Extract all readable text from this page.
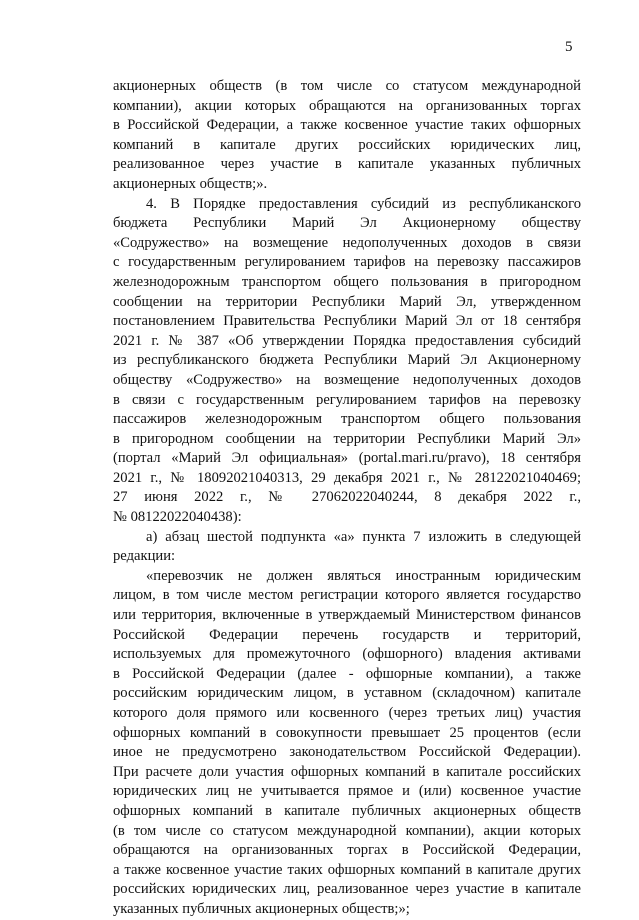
5

акционерных обществ (в том числе со статусом международной

компании), акции которых обращаются на организованных торгах

в Российской Федерации, а также косвенное участие таких офшорных

компаний в капитале других российских юридических лиц,

реализованное через участие в капитале указанных публичных

акционерных обществ;».

4. В Порядке предоставления субсидий из республиканского

бюджета Республики Марий Эл Акционерному обществу

«Содружество» на возмещение недополученных доходов в связи

с государственным регулированием тарифов на перевозку пассажиров

железнодорожным транспортом общего пользования в пригородном

сообщении на территории Республики Марий Эл, утвержденном

постановлением Правительства Республики Марий Эл от 18 сентября

2021 г. № 387 «Об утверждении Порядка предоставления субсидий

из республиканского бюджета Республики Марий Эл Акционерному

обществу «Содружество» на возмещение недополученных доходов

в связи с государственным регулированием тарифов на перевозку

пассажиров железнодорожным транспортом общего пользования

в пригородном сообщении на территории Республики Марий Эл»

(портал «Марий Эл официальная» (portal.mari.ru/pravo), 18 сентября

2021 г., № 18092021040313, 29 декабря 2021 г., № 28122021040469;

27 июня 2022 г., № 27062022040244, 8 декабря 2022 г.,

№ 08122022040438):

а) абзац шестой подпункта «а» пункта 7 изложить в следующей

редакции:

«перевозчик не должен являться иностранным юридическим

лицом, в том числе местом регистрации которого является государство

или территория, включенные в утверждаемый Министерством финансов

Российской Федерации перечень государств и территорий,

используемых для промежуточного (офшорного) владения активами

в Российской Федерации (далее - офшорные компании), а также

российским юридическим лицом, в уставном (складочном) капитале

которого доля прямого или косвенного (через третьих лиц) участия

офшорных компаний в совокупности превышает 25 процентов (если

иное не предусмотрено законодательством Российской Федерации).

При расчете доли участия офшорных компаний в капитале российских

юридических лиц не учитывается прямое и (или) косвенное участие

офшорных компаний в капитале публичных акционерных обществ

(в том числе со статусом международной компании), акции которых

обращаются на организованных торгах в Российской Федерации,

а также косвенное участие таких офшорных компаний в капитале других

российских юридических лиц, реализованное через участие в капитале

указанных публичных акционерных обществ;»;
